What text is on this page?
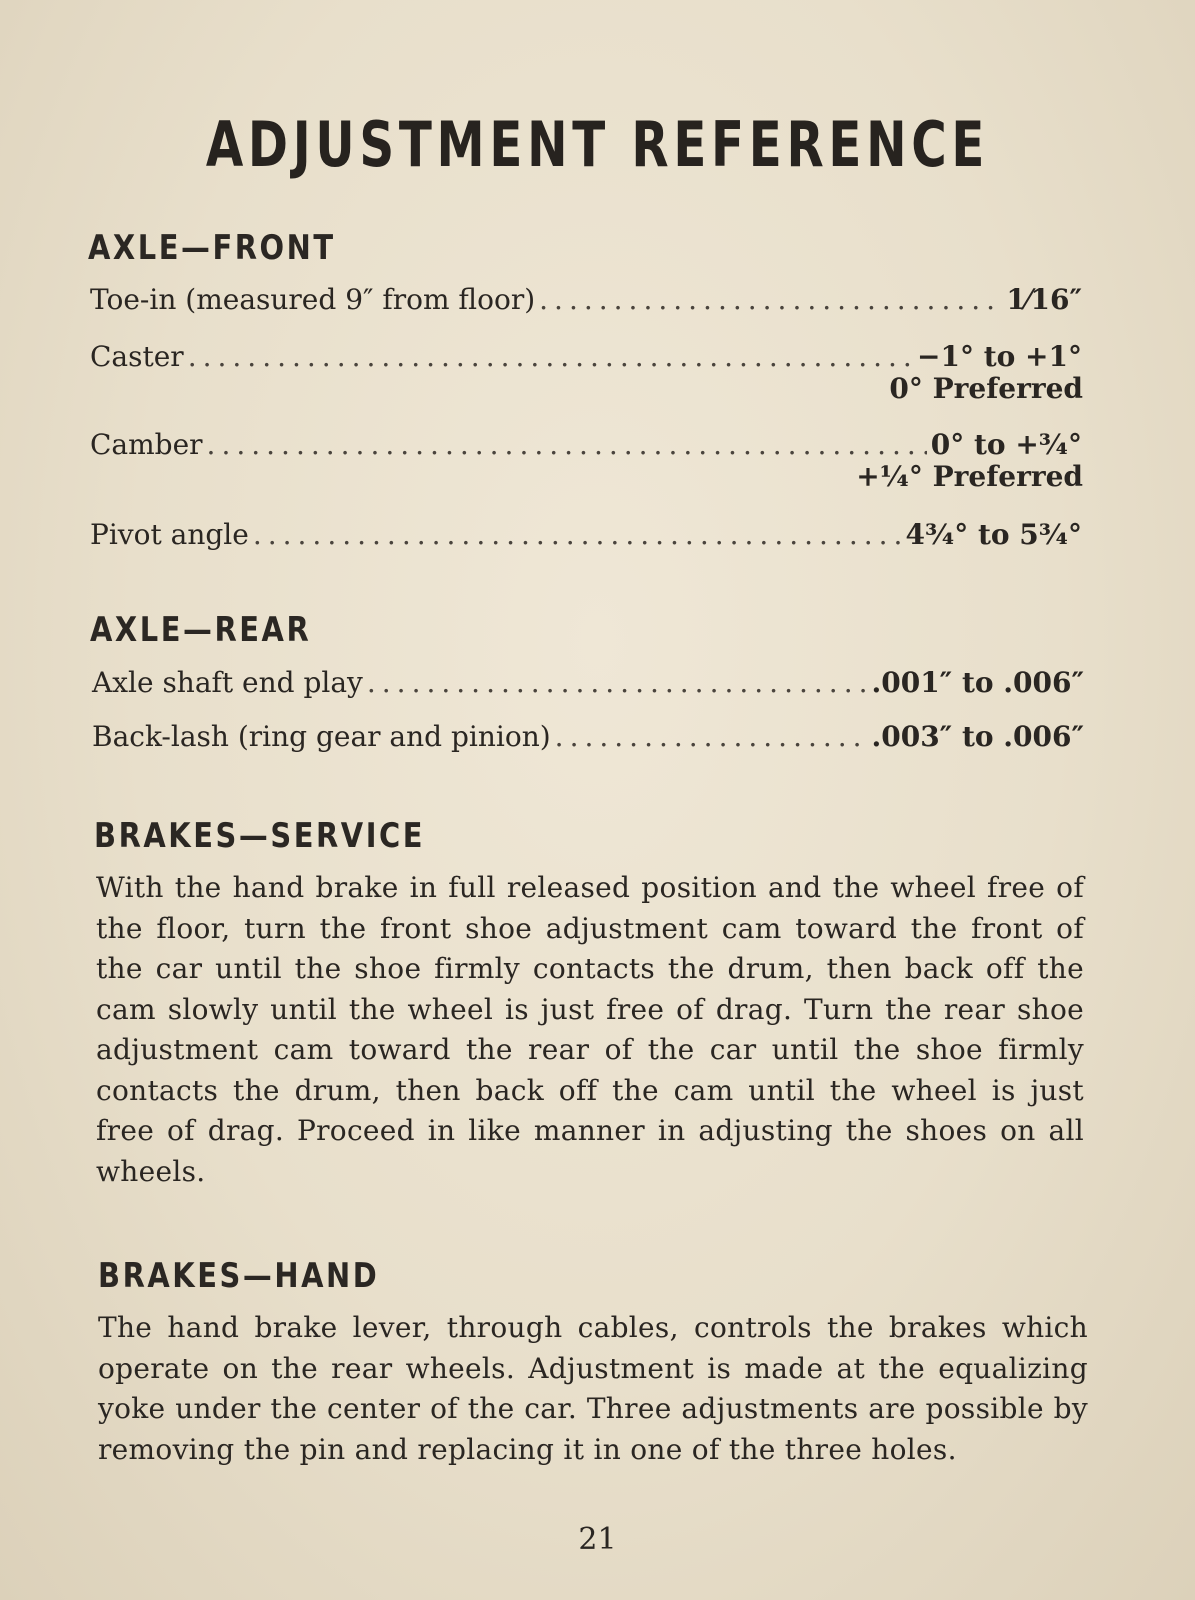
ADJUSTMENT REFERENCE
AXLE—FRONT
Toe-in (measured 9″ from floor) .....	1⁄16″
Caster .....	−1° to +1°
0° Preferred
Camber .....	0° to +¾°
+¼° Preferred
Pivot angle .....	4¾° to 5¾°
AXLE—REAR
Axle shaft end play .....	.001″ to .006″
Back-lash (ring gear and pinion) .....	.003″ to .006″
BRAKES—SERVICE
With the hand brake in full released position and the wheel free of the floor, turn the front shoe adjustment cam toward the front of the car until the shoe firmly contacts the drum, then back off the cam slowly until the wheel is just free of drag. Turn the rear shoe adjustment cam toward the rear of the car until the shoe firmly contacts the drum, then back off the cam until the wheel is just free of drag. Proceed in like manner in adjusting the shoes on all wheels.
BRAKES—HAND
The hand brake lever, through cables, controls the brakes which operate on the rear wheels. Adjustment is made at the equalizing yoke under the center of the car. Three adjustments are possible by removing the pin and replacing it in one of the three holes.
21
